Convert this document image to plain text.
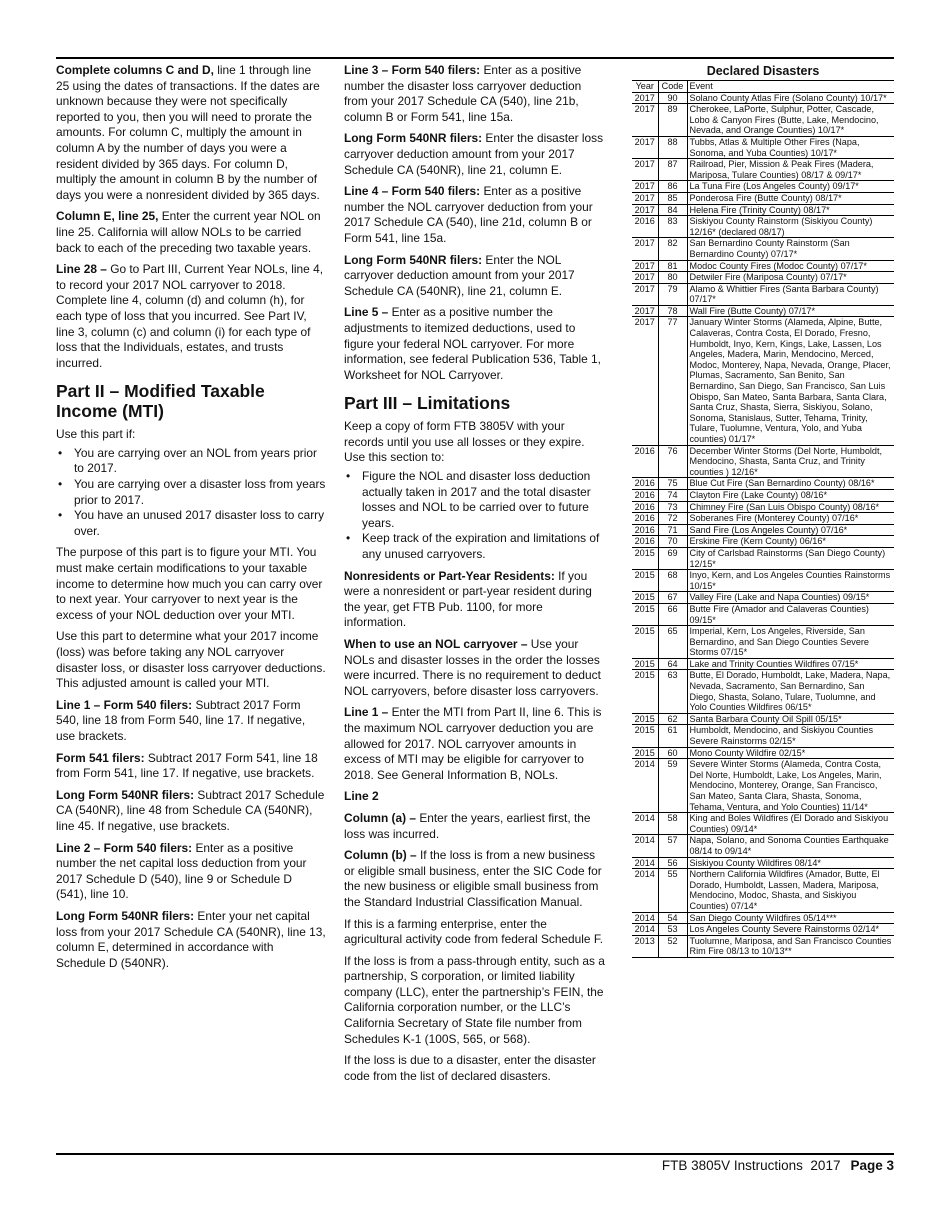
Complete columns C and D, line 1 through line 25 using the dates of transactions. If the dates are unknown because they were not specifically reported to you, then you will need to prorate the amounts. For column C, multiply the amount in column A by the number of days you were a resident divided by 365 days. For column D, multiply the amount in column B by the number of days you were a nonresident divided by 365 days.

Column E, line 25, Enter the current year NOL on line 25. California will allow NOLs to be carried back to each of the preceding two taxable years.

Line 28 – Go to Part III, Current Year NOLs, line 4, to record your 2017 NOL carryover to 2018. Complete line 4, column (d) and column (h), for each type of loss that you incurred. See Part IV, line 3, column (c) and column (i) for each type of loss that the Individuals, estates, and trusts incurred.

Part II – Modified Taxable Income (MTI)

Use this part if:

• You are carrying over an NOL from years prior to 2017.
• You are carrying over a disaster loss from years prior to 2017.
• You have an unused 2017 disaster loss to carry over.

The purpose of this part is to figure your MTI. You must make certain modifications to your taxable income to determine how much you can carry over to next year. Your carryover to next year is the excess of your NOL deduction over your MTI.

Use this part to determine what your 2017 income (loss) was before taking any NOL carryover disaster loss, or disaster loss carryover deductions. This adjusted amount is called your MTI.

Line 1 – Form 540 filers: Subtract 2017 Form 540, line 18 from Form 540, line 17. If negative, use brackets.

Form 541 filers: Subtract 2017 Form 541, line 18 from Form 541, line 17. If negative, use brackets.

Long Form 540NR filers: Subtract 2017 Schedule CA (540NR), line 48 from Schedule CA (540NR), line 45. If negative, use brackets.

Line 2 – Form 540 filers: Enter as a positive number the net capital loss deduction from your 2017 Schedule D (540), line 9 or Schedule D (541), line 10.

Long Form 540NR filers: Enter your net capital loss from your 2017 Schedule CA (540NR), line 13, column E, determined in accordance with Schedule D (540NR).

Line 3 – Form 540 filers: Enter as a positive number the disaster loss carryover deduction from your 2017 Schedule CA (540), line 21b, column B or Form 541, line 15a.

Long Form 540NR filers: Enter the disaster loss carryover deduction amount from your 2017 Schedule CA (540NR), line 21, column E.

Line 4 – Form 540 filers: Enter as a positive number the NOL carryover deduction from your 2017 Schedule CA (540), line 21d, column B or Form 541, line 15a.

Long Form 540NR filers: Enter the NOL carryover deduction amount from your 2017 Schedule CA (540NR), line 21, column E.

Line 5 – Enter as a positive number the adjustments to itemized deductions, used to figure your federal NOL carryover. For more information, see federal Publication 536, Table 1, Worksheet for NOL Carryover.

Part III – Limitations

Keep a copy of form FTB 3805V with your records until you use all losses or they expire. Use this section to:

• Figure the NOL and disaster loss deduction actually taken in 2017 and the total disaster losses and NOL to be carried over to future years.
• Keep track of the expiration and limitations of any unused carryovers.

Nonresidents or Part-Year Residents: If you were a nonresident or part-year resident during the year, get FTB Pub. 1100, for more information.

When to use an NOL carryover – Use your NOLs and disaster losses in the order the losses were incurred. There is no requirement to deduct NOL carryovers, before disaster loss carryovers.

Line 1 – Enter the MTI from Part II, line 6. This is the maximum NOL carryover deduction you are allowed for 2017. NOL carryover amounts in excess of MTI may be eligible for carryover to 2018. See General Information B, NOLs.

Line 2

Column (a) – Enter the years, earliest first, the loss was incurred.

Column (b) – If the loss is from a new business or eligible small business, enter the SIC Code for the new business or eligible small business from the Standard Industrial Classification Manual.

If this is a farming enterprise, enter the agricultural activity code from federal Schedule F.

If the loss is from a pass-through entity, such as a partnership, S corporation, or limited liability company (LLC), enter the partnership’s FEIN, the California corporation number, or the LLC’s California Secretary of State file number from Schedules K-1 (100S, 565, or 568).

If the loss is due to a disaster, enter the disaster code from the list of declared disasters.

Declared Disasters
Year	Code	Event
2017	90	Solano County Atlas Fire (Solano County) 10/17*
2017	89	Cherokee, LaPorte, Sulphur, Potter, Cascade, Lobo & Canyon Fires (Butte, Lake, Mendocino, Nevada, and Orange Counties) 10/17*
2017	88	Tubbs, Atlas & Multiple Other Fires (Napa, Sonoma, and Yuba Counties) 10/17*
2017	87	Railroad, Pier, Mission & Peak Fires (Madera, Mariposa, Tulare Counties) 08/17 & 09/17*
2017	86	La Tuna Fire (Los Angeles County) 09/17*
2017	85	Ponderosa Fire (Butte County) 08/17*
2017	84	Helena Fire (Trinity County) 08/17*
2016	83	Siskiyou County Rainstorm (Siskiyou County) 12/16* (declared 08/17)
2017	82	San Bernardino County Rainstorm (San Bernardino County) 07/17*
2017	81	Modoc County Fires (Modoc County) 07/17*
2017	80	Detwiler Fire (Mariposa County) 07/17*
2017	79	Alamo & Whittier Fires (Santa Barbara County) 07/17*
2017	78	Wall Fire (Butte County) 07/17*
2017	77	January Winter Storms (Alameda, Alpine, Butte, Calaveras, Contra Costa, El Dorado, Fresno, Humboldt, Inyo, Kern, Kings, Lake, Lassen, Los Angeles, Madera, Marin, Mendocino, Merced, Modoc, Monterey, Napa, Nevada, Orange, Placer, Plumas, Sacramento, San Benito, San Bernardino, San Diego, San Francisco, San Luis Obispo, San Mateo, Santa Barbara, Santa Clara, Santa Cruz, Shasta, Sierra, Siskiyou, Solano, Sonoma, Stanislaus, Sutter, Tehama, Trinity, Tulare, Tuolumne, Ventura, Yolo, and Yuba counties) 01/17*
2016	76	December Winter Storms (Del Norte, Humboldt, Mendocino, Shasta, Santa Cruz, and Trinity counties ) 12/16*
2016	75	Blue Cut Fire (San Bernardino County) 08/16*
2016	74	Clayton Fire (Lake County) 08/16*
2016	73	Chimney Fire (San Luis Obispo County) 08/16*
2016	72	Soberanes Fire (Monterey County) 07/16*
2016	71	Sand Fire (Los Angeles County) 07/16*
2016	70	Erskine Fire (Kern County) 06/16*
2015	69	City of Carlsbad Rainstorms (San Diego County) 12/15*
2015	68	Inyo, Kern, and Los Angeles Counties Rainstorms 10/15*
2015	67	Valley Fire (Lake and Napa Counties) 09/15*
2015	66	Butte Fire (Amador and Calaveras Counties) 09/15*
2015	65	Imperial, Kern, Los Angeles, Riverside, San Bernardino, and San Diego Counties Severe Storms 07/15*
2015	64	Lake and Trinity Counties Wildfires 07/15*
2015	63	Butte, El Dorado, Humboldt, Lake, Madera, Napa, Nevada, Sacramento, San Bernardino, San Diego, Shasta, Solano, Tulare, Tuolumne, and Yolo Counties Wildfires 06/15*
2015	62	Santa Barbara County Oil Spill 05/15*
2015	61	Humboldt, Mendocino, and Siskiyou Counties Severe Rainstorms 02/15*
2015	60	Mono County Wildfire 02/15*
2014	59	Severe Winter Storms (Alameda, Contra Costa, Del Norte, Humboldt, Lake, Los Angeles, Marin, Mendocino, Monterey, Orange, San Francisco, San Mateo, Santa Clara, Shasta, Sonoma, Tehama, Ventura, and Yolo Counties) 11/14*
2014	58	King and Boles Wildfires (El Dorado and Siskiyou Counties) 09/14*
2014	57	Napa, Solano, and Sonoma Counties Earthquake 08/14 to 09/14*
2014	56	Siskiyou County Wildfires 08/14*
2014	55	Northern California Wildfires (Amador, Butte, El Dorado, Humboldt, Lassen, Madera, Mariposa, Mendocino, Modoc, Shasta, and Siskiyou Counties) 07/14*
2014	54	San Diego County Wildfires 05/14***
2014	53	Los Angeles County Severe Rainstorms 02/14*
2013	52	Tuolumne, Mariposa, and San Francisco Counties Rim Fire 08/13 to 10/13**
FTB 3805V Instructions  2017 Page 3
